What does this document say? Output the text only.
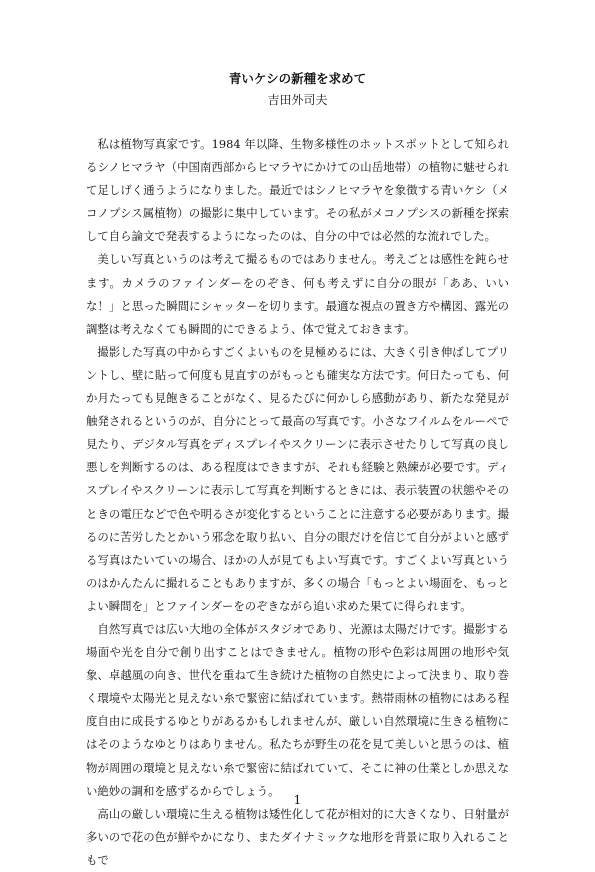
青いケシの新種を求めて
吉田外司夫

私は植物写真家です。1984 年以降、生物多様性のホットスポットとして知られるシノヒマラヤ（中国南西部からヒマラヤにかけての山岳地帯）の植物に魅せられて足しげく通うようになりました。最近ではシノヒマラヤを象徴する青いケシ（メコノプシス属植物）の撮影に集中しています。その私がメコノプシスの新種を探索して自ら論文で発表するようになったのは、自分の中では必然的な流れでした。

美しい写真というのは考えて撮るものではありません。考えごとは感性を鈍らせます。カメラのファインダーをのぞき、何も考えずに自分の眼が「ああ、いいな！」と思った瞬間にシャッターを切ります。最適な視点の置き方や構図、露光の調整は考えなくても瞬間的にできるよう、体で覚えておきます。

撮影した写真の中からすごくよいものを見極めるには、大きく引き伸ばしてプリントし、壁に貼って何度も見直すのがもっとも確実な方法です。何日たっても、何か月たっても見飽きることがなく、見るたびに何かしら感動があり、新たな発見が触発されるというのが、自分にとって最高の写真です。小さなフイルムをルーペで見たり、デジタル写真をディスプレイやスクリーンに表示させたりして写真の良し悪しを判断するのは、ある程度はできますが、それも経験と熟練が必要です。ディスプレイやスクリーンに表示して写真を判断するときには、表示装置の状態やそのときの電圧などで色や明るさが変化するということに注意する必要があります。撮るのに苦労したとかいう邪念を取り払い、自分の眼だけを信じて自分がよいと感ずる写真はたいていの場合、ほかの人が見てもよい写真です。すごくよい写真というのはかんたんに撮れることもありますが、多くの場合「もっとよい場面を、もっとよい瞬間を」とファインダーをのぞきながら追い求めた果てに得られます。

自然写真では広い大地の全体がスタジオであり、光源は太陽だけです。撮影する場面や光を自分で創り出すことはできません。植物の形や色彩は周囲の地形や気象、卓越風の向き、世代を重ねて生き続けた植物の自然史によって決まり、取り巻く環境や太陽光と見えない糸で緊密に結ばれています。熱帯雨林の植物にはある程度自由に成長するゆとりがあるかもしれませんが、厳しい自然環境に生きる植物にはそのようなゆとりはありません。私たちが野生の花を見て美しいと思うのは、植物が周囲の環境と見えない糸で緊密に結ばれていて、そこに神の仕業としか思えない絶妙の調和を感ずるからでしょう。

高山の厳しい環境に生える植物は矮性化して花が相対的に大きくなり、日射量が多いので花の色が鮮やかになり、またダイナミックな地形を背景に取り入れることもで

1
